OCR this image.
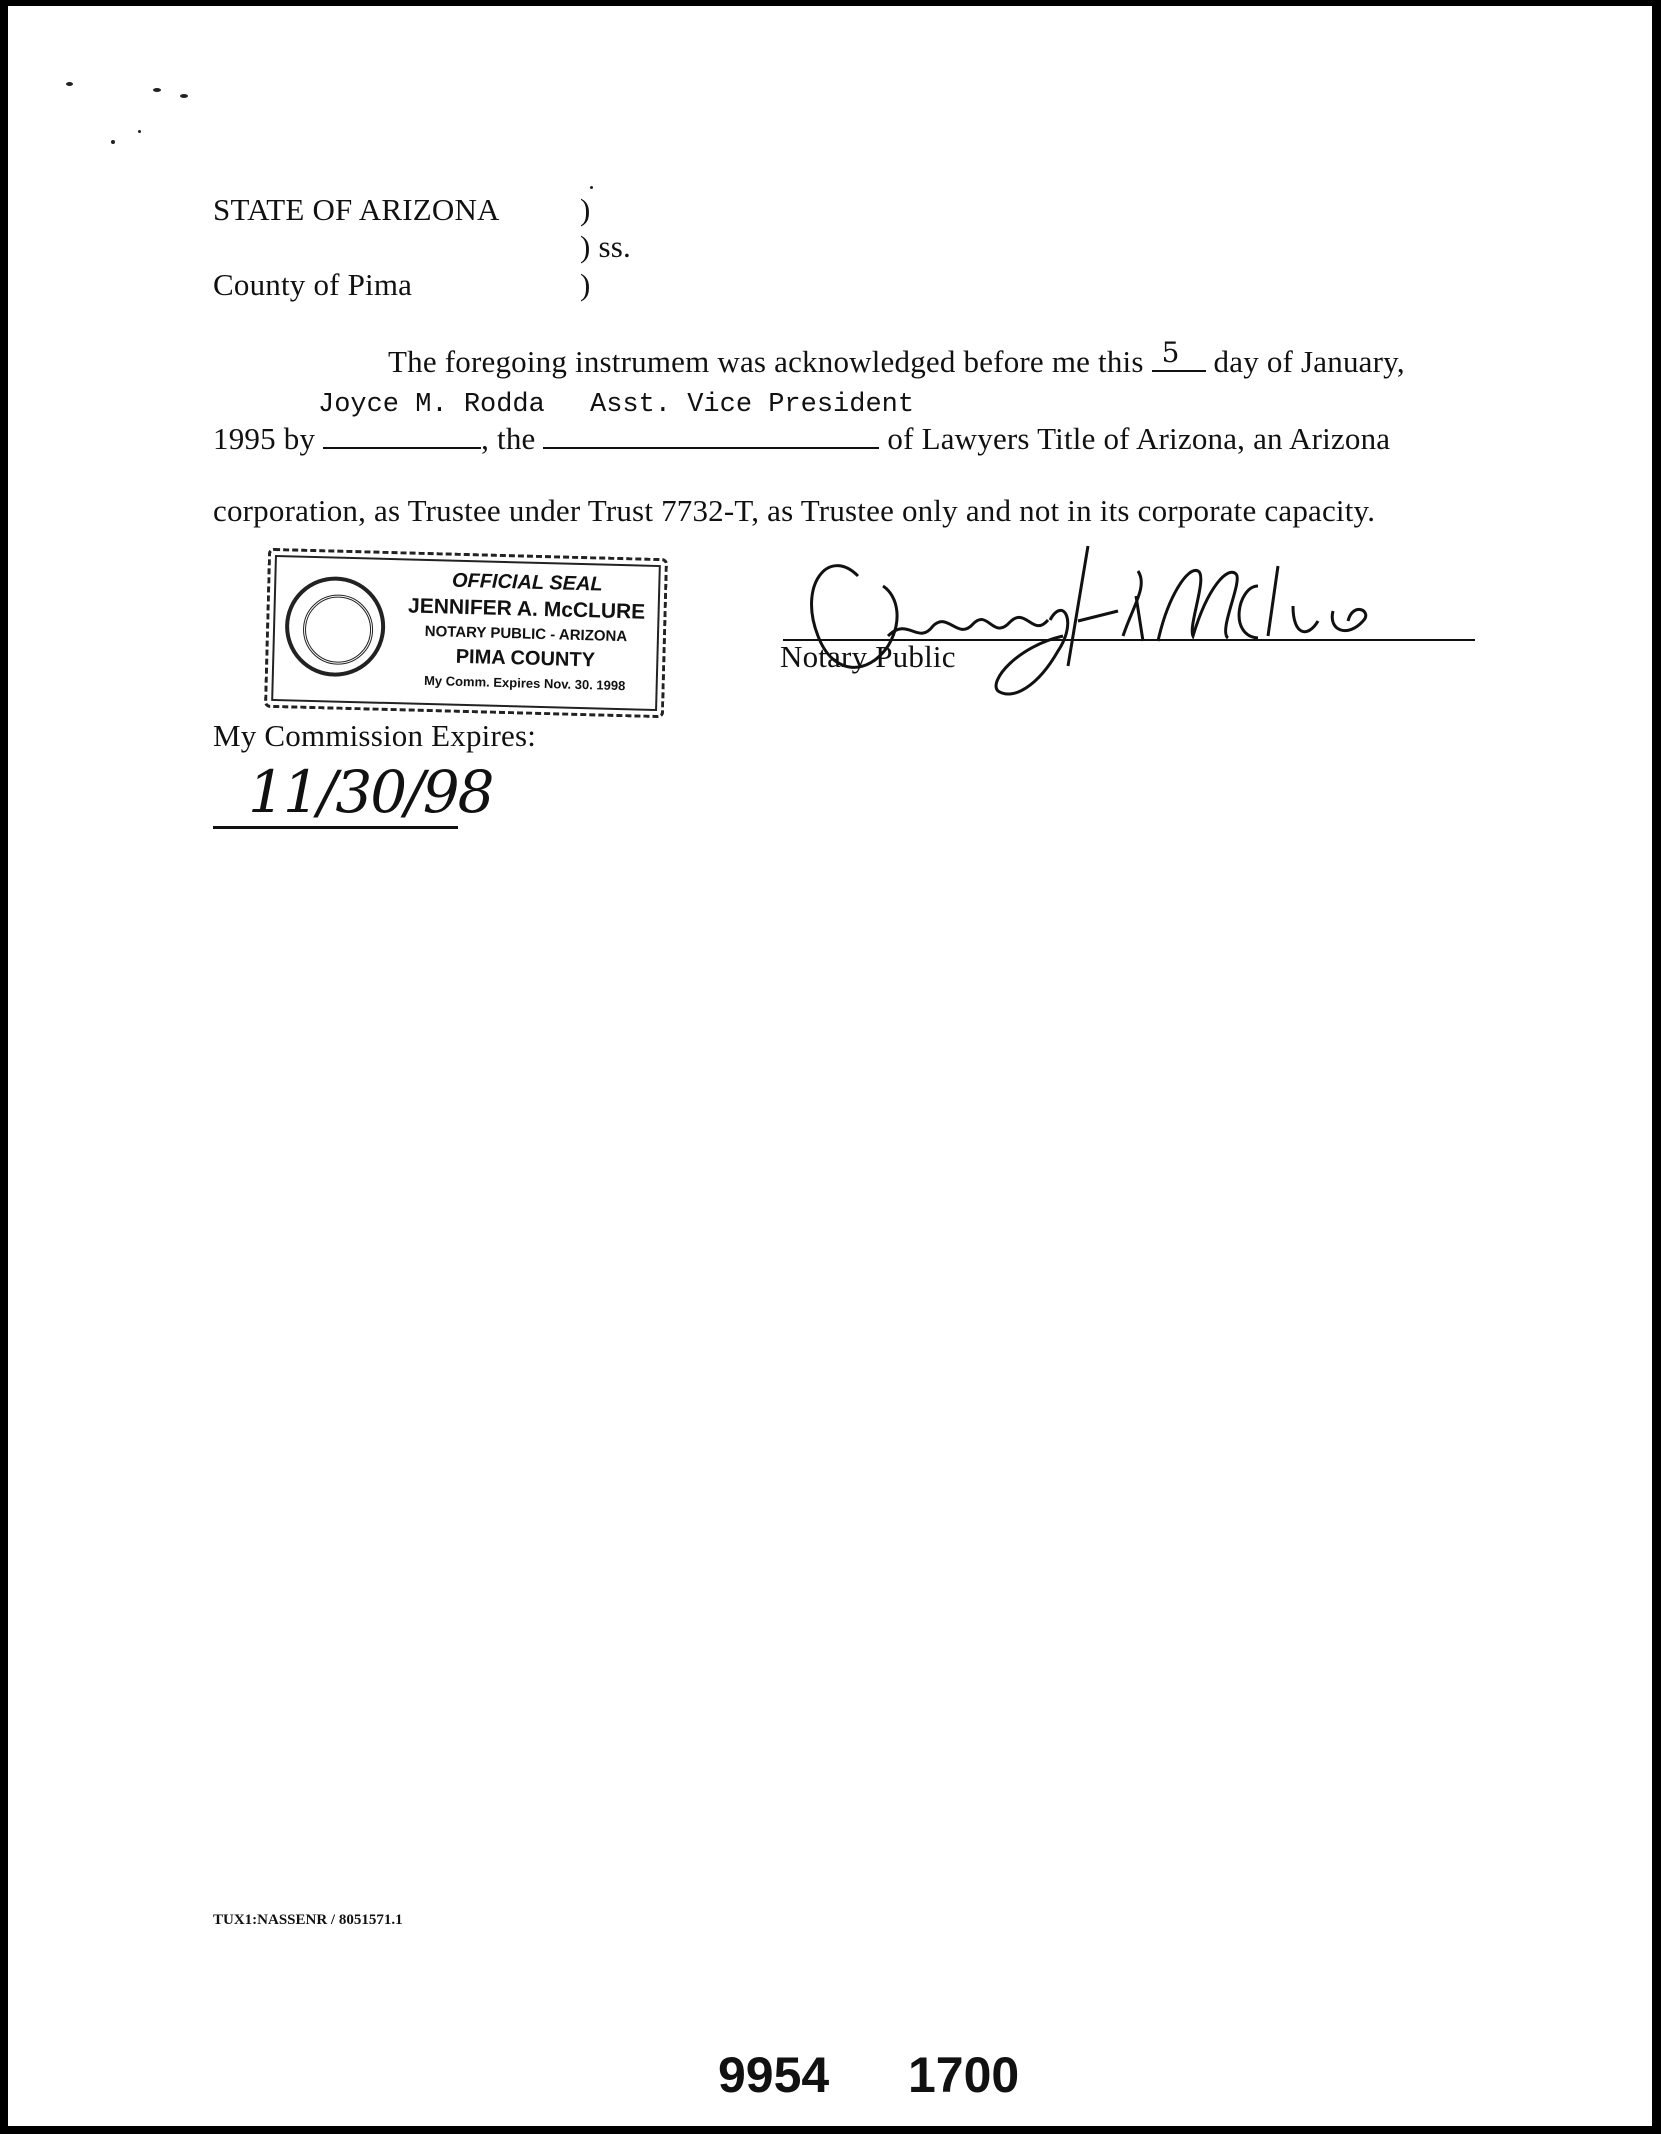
STATE OF ARIZONA	)
) ss.
County of Pima	)
The foregoing instrumem was acknowledged before me this 5 day of January,
Joyce M. Rodda Asst. Vice President
1995 by	, the	of Lawyers Title of Arizona, an Arizona
corporation, as Trustee under Trust 7732-T, as Trustee only and not in its corporate capacity.
OFFICIAL SEAL
JENNIFER A. McCLURE
NOTARY PUBLIC - ARIZONA
PIMA COUNTY
My Comm. Expires Nov. 30. 1998
Notary Public
My Commission Expires:
11/30/98
TUX1:NASSENR / 8051571.1
9954 1700
